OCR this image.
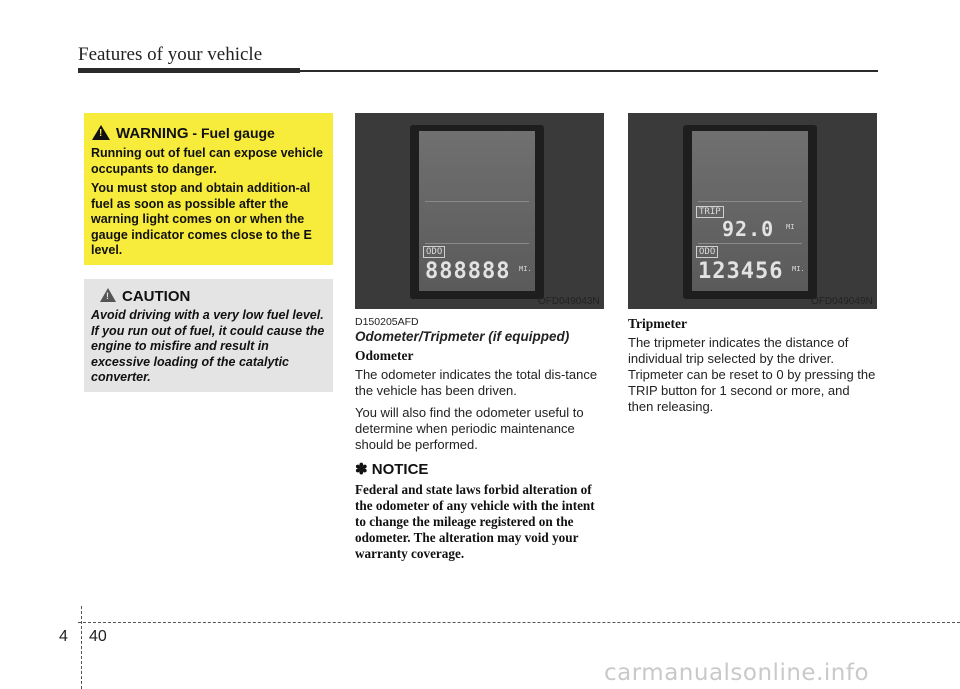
Features of your vehicle
!WARNING - Fuel gauge

Running out of fuel can expose vehicle occupants to danger.

You must stop and obtain addition-al fuel as soon as possible after the warning light comes on or when the gauge indicator comes close to the E level.

!CAUTION
Avoid driving with a very low fuel level. If you run out of fuel, it could cause the engine to misfire and result in excessive loading of the catalytic converter.
ODO
888888 MI.
OFD049043N
TRIP
92.0 MI
ODO
123456 MI.
OFD049049N
D150205AFD
Odometer/Tripmeter (if equipped)
Odometer

The odometer indicates the total dis-tance the vehicle has been driven.

You will also find the odometer useful to determine when periodic maintenance should be performed.

✽ NOTICE
Federal and state laws forbid alteration of the odometer of any vehicle with the intent to change the mileage registered on the odometer. The alteration may void your warranty coverage.
Tripmeter

The tripmeter indicates the distance of individual trip selected by the driver. Tripmeter can be reset to 0 by pressing the TRIP button for 1 second or more, and then releasing.

4 40
carmanualsonline.info
